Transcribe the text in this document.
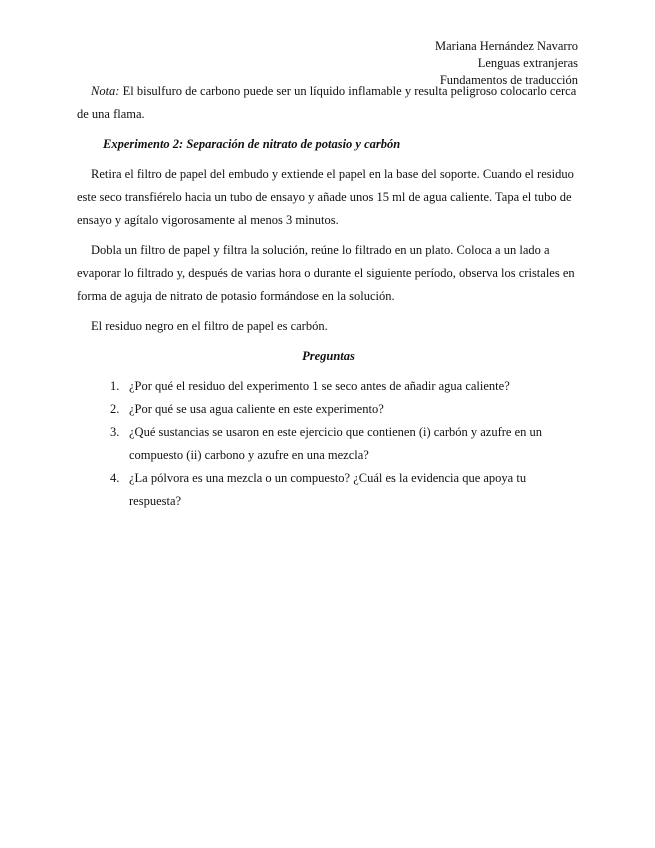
Mariana Hernández Navarro
Lenguas extranjeras
Fundamentos de traducción

Nota: El bisulfuro de carbono puede ser un líquido inflamable y resulta peligroso colocarlo cerca de una flama.

Experimento 2: Separación de nitrato de potasio y carbón

Retira el filtro de papel del embudo y extiende el papel en la base del soporte. Cuando el residuo este seco transfiérelo hacia un tubo de ensayo y añade unos 15 ml de agua caliente. Tapa el tubo de ensayo y agítalo vigorosamente al menos 3 minutos.

Dobla un filtro de papel y filtra la solución, reúne lo filtrado en un plato. Coloca a un lado a evaporar lo filtrado y, después de varias hora o durante el siguiente período, observa los cristales en forma de aguja de nitrato de potasio formándose en la solución.

El residuo negro en el filtro de papel es carbón.

Preguntas

1. ¿Por qué el residuo del experimento 1 se seco antes de añadir agua caliente?
2. ¿Por qué se usa agua caliente en este experimento?
3. ¿Qué sustancias se usaron en este ejercicio que contienen (i) carbón y azufre en un compuesto (ii) carbono y azufre en una mezcla?
4. ¿La pólvora es una mezcla o un compuesto? ¿Cuál es la evidencia que apoya tu respuesta?
